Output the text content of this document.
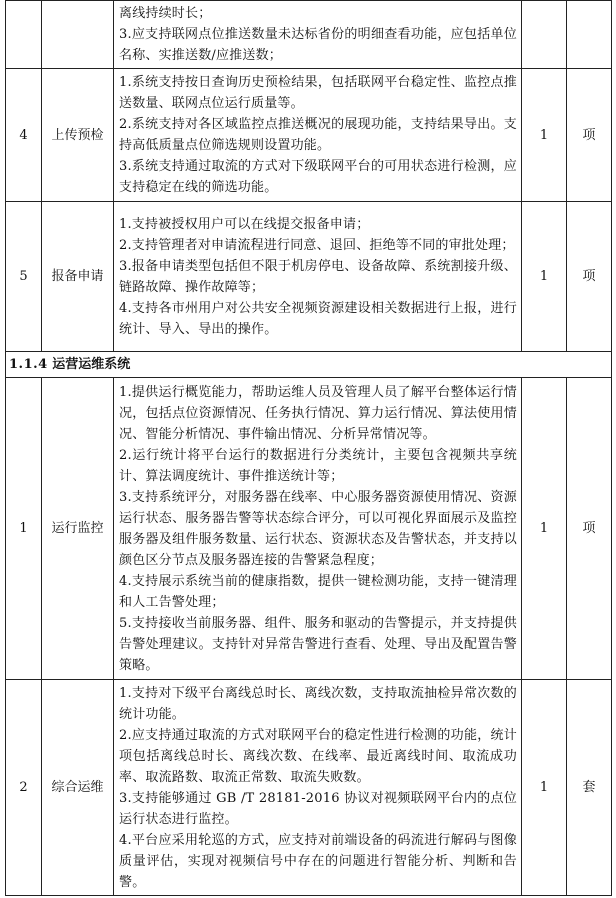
		离线持续时长；
3.应支持联网点位推送数量未达标省份的明细查看功能，应包括单位名称、实推送数/应推送数；		

4	上传预检	1.系统支持按日查询历史预检结果，包括联网平台稳定性、监控点推送数量、联网点位运行质量等。
2.系统支持对各区域监控点推送概况的展现功能，支持结果导出。支持高低质量点位筛选规则设置功能。
3.系统支持通过取流的方式对下级联网平台的可用状态进行检测，应支持稳定在线的筛选功能。	1	项
5	报备申请	1.支持被授权用户可以在线提交报备申请；
2.支持管理者对申请流程进行同意、退回、拒绝等不同的审批处理；
3.报备申请类型包括但不限于机房停电、设备故障、系统割接升级、链路故障、操作故障等；
4.支持各市州用户对公共安全视频资源建设相关数据进行上报，进行统计、导入、导出的操作。	1	项
1.1.4 运营运维系统				
1	运行监控	1.提供运行概览能力，帮助运维人员及管理人员了解平台整体运行情况，包括点位资源情况、任务执行情况、算力运行情况、算法使用情况、智能分析情况、事件输出情况、分析异常情况等。
2.运行统计将平台运行的数据进行分类统计，主要包含视频共享统计、算法调度统计、事件推送统计等；
3.支持系统评分，对服务器在线率、中心服务器资源使用情况、资源运行状态、服务器告警等状态综合评分，可以可视化界面展示及监控服务器及组件服务数量、运行状态、资源状态及告警状态，并支持以颜色区分节点及服务器连接的告警紧急程度；
4.支持展示系统当前的健康指数，提供一键检测功能，支持一键清理和人工告警处理；
5.支持接收当前服务器、组件、服务和驱动的告警提示，并支持提供告警处理建议。支持针对异常告警进行查看、处理、导出及配置告警策略。	1	项
2	综合运维	1.支持对下级平台离线总时长、离线次数，支持取流抽检异常次数的统计功能。
2.应支持通过取流的方式对联网平台的稳定性进行检测的功能，统计项包括离线总时长、离线次数、在线率、最近离线时间、取流成功率、取流路数、取流正常数、取流失败数。
3.支持能够通过 GB /T 28181-2016 协议对视频联网平台内的点位运行状态进行监控。
4.平台应采用轮巡的方式，应支持对前端设备的码流进行解码与图像质量评估，实现对视频信号中存在的问题进行智能分析、判断和告警。	1	套
